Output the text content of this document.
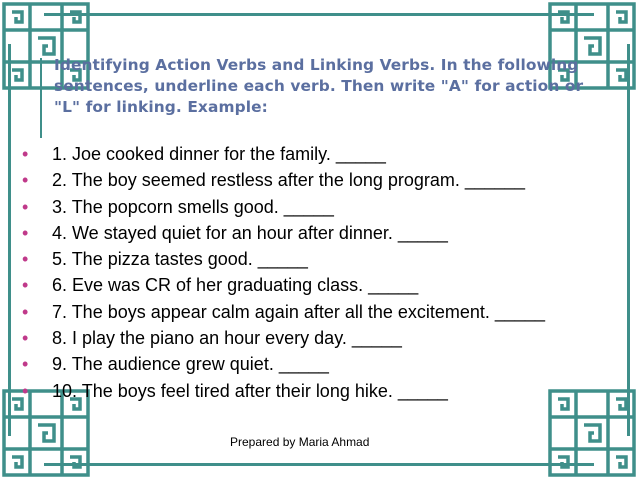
Identifying Action Verbs and Linking Verbs. In the following sentences, underline each verb. Then write "A" for action or "L" for linking. Example:
• 1. Joe cooked dinner for the family. _____
• 2. The boy seemed restless after the long program. ______
• 3. The popcorn smells good. _____
• 4. We stayed quiet for an hour after dinner. _____
• 5. The pizza tastes good. _____
• 6. Eve was CR of her graduating class. _____
• 7. The boys appear calm again after all the excitement. _____
• 8. I play the piano an hour every day. _____
• 9. The audience grew quiet. _____
• 10. The boys feel tired after their long hike. _____
Prepared by Maria Ahmad
